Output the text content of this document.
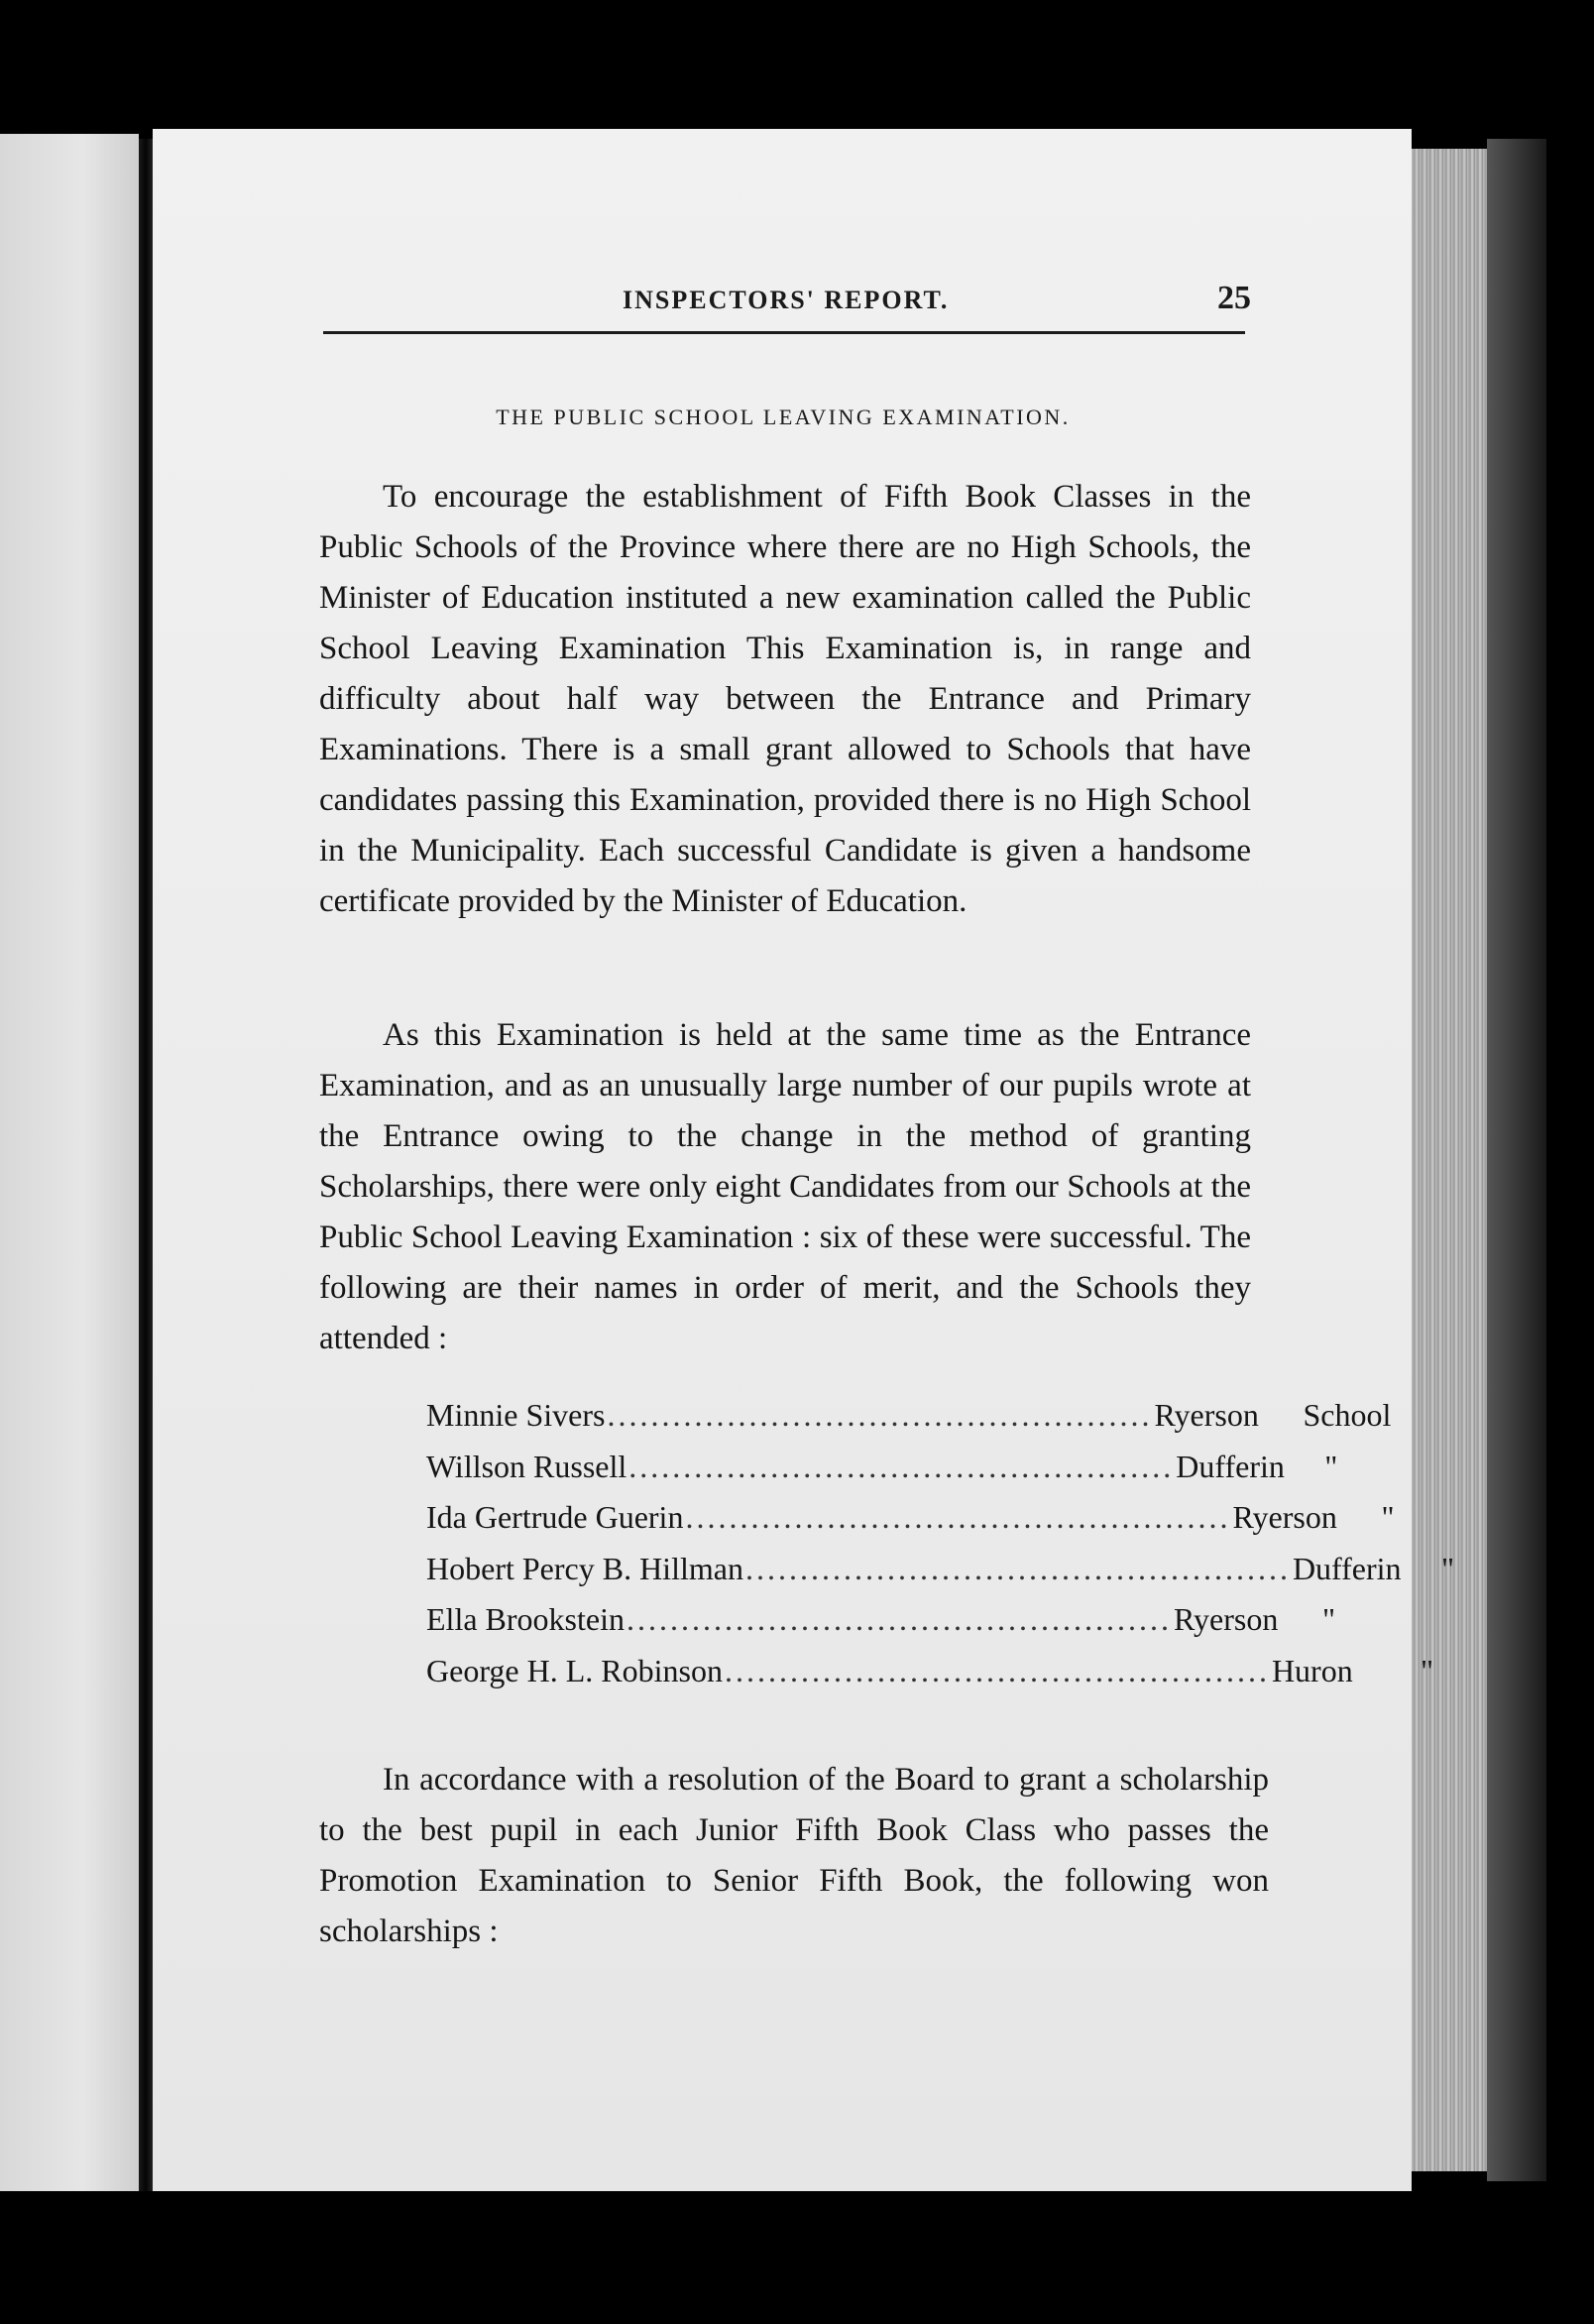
INSPECTORS' REPORT.	25
THE PUBLIC SCHOOL LEAVING EXAMINATION.

To encourage the establishment of Fifth Book Classes in the Public Schools of the Province where there are no High Schools, the Minister of Education instituted a new examination called the Public School Leaving Examination This Examination is, in range and difficulty about half way between the Entrance and Primary Examinations. There is a small grant allowed to Schools that have candidates passing this Examination, provided there is no High School in the Municipality. Each successful Candidate is given a handsome certificate provided by the Minister of Education.

As this Examination is held at the same time as the Entrance Examination, and as an unusually large number of our pupils wrote at the Entrance owing to the change in the method of granting Scholarships, there were only eight Candidates from our Schools at the Public School Leaving Examination : six of these were successful. The following are their names in order of merit, and the Schools they attended :

Minnie Sivers .................................................. Ryerson	School
Willson Russell .................................................. Dufferin	"
Ida Gertrude Guerin .................................................. Ryerson	"
Hobert Percy B. Hillman .................................................. Dufferin	"
Ella Brookstein .................................................. Ryerson	"
George H. L. Robinson .................................................. Huron	"

In accordance with a resolution of the Board to grant a scholarship to the best pupil in each Junior Fifth Book Class who passes the Promotion Examination to Senior Fifth Book, the following won scholarships :
